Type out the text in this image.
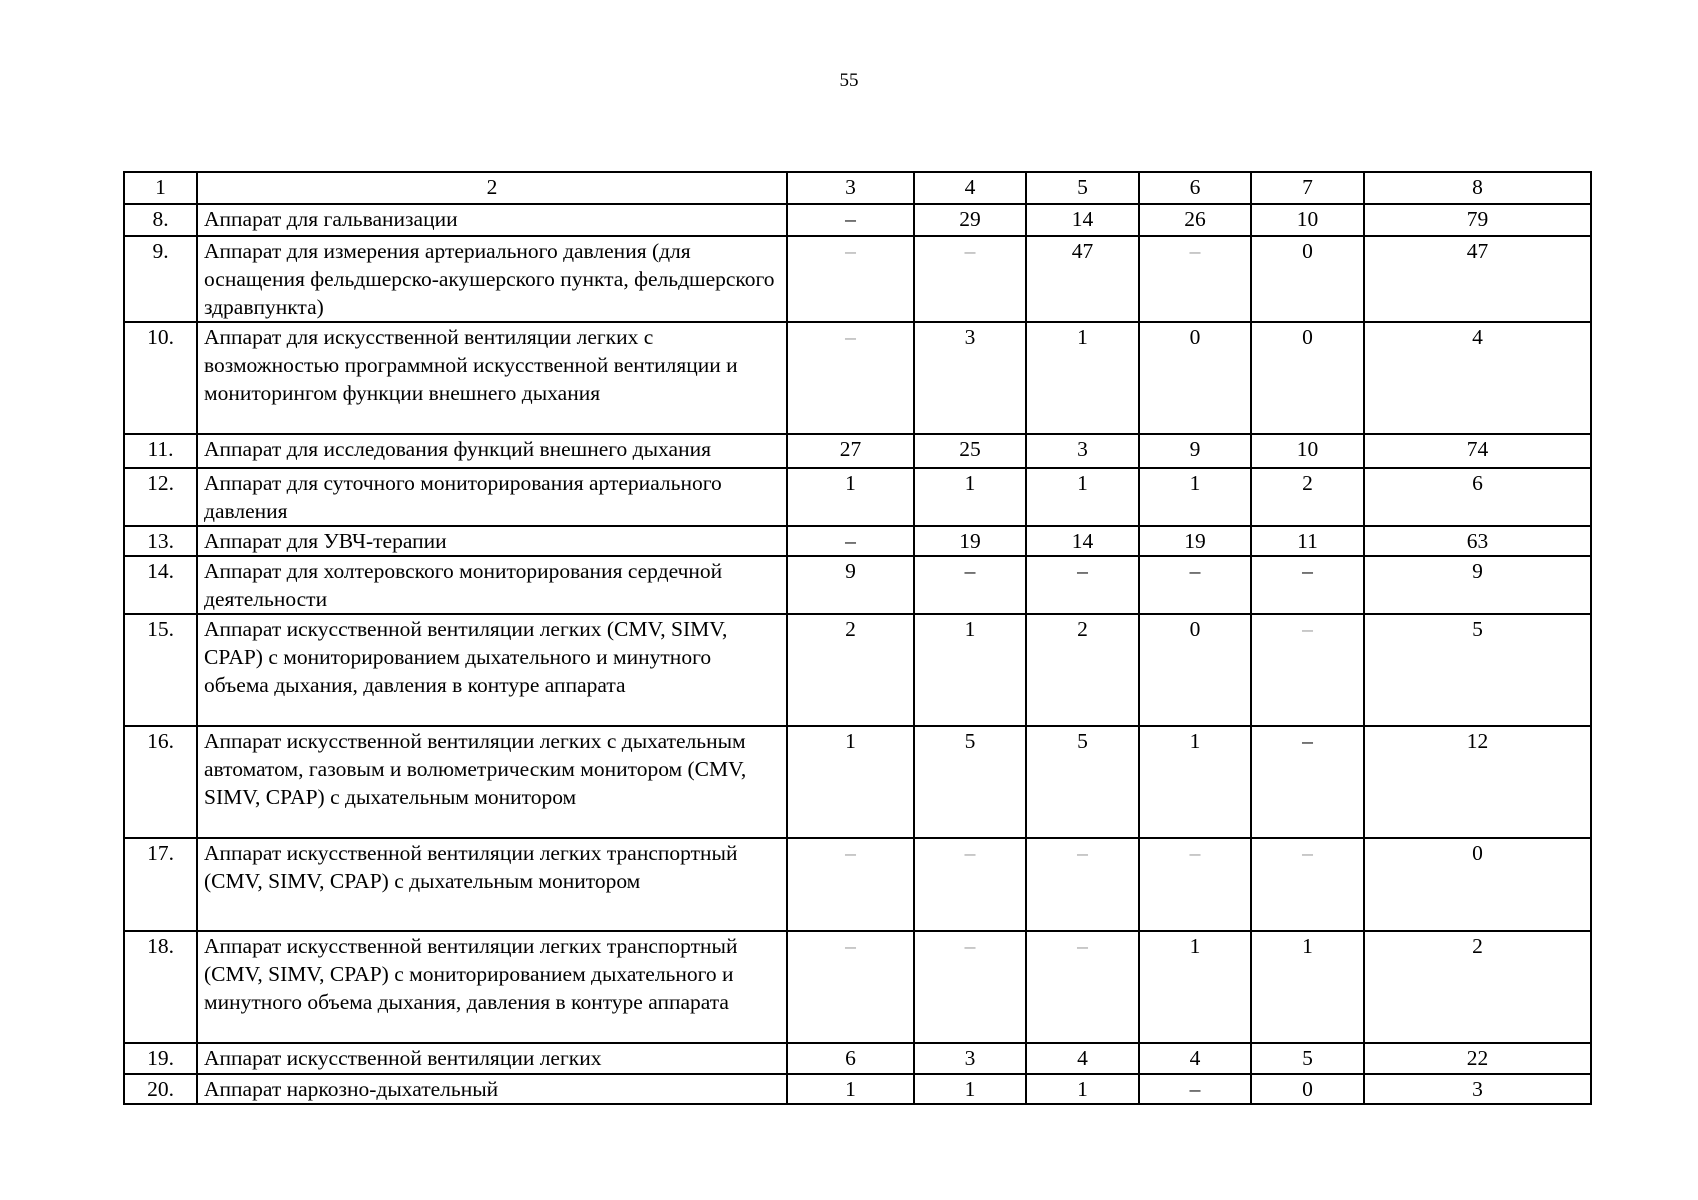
55
1	2	3	4	5	6	7	8
8.	Аппарат для гальванизации	–	29	14	26	10	79
9.	Аппарат для измерения артериального давления (для оснащения фельдшерско-акушерского пункта, фельдшерского здравпункта)	–	–	47	–	0	47
10.	Аппарат для искусственной вентиляции легких с возможностью программной искусственной вентиляции и мониторингом функции внешнего дыхания	–	3	1	0	0	4
11.	Аппарат для исследования функций внешнего дыхания	27	25	3	9	10	74
12.	Аппарат для суточного мониторирования артериального давления	1	1	1	1	2	6
13.	Аппарат для УВЧ-терапии	–	19	14	19	11	63
14.	Аппарат для холтеровского мониторирования сердечной деятельности	9	–	–	–	–	9
15.	Аппарат искусственной вентиляции легких (CMV, SIMV, CPAP) с мониторированием дыхательного и минутного объема дыхания, давления в контуре аппарата	2	1	2	0	–	5
16.	Аппарат искусственной вентиляции легких с дыхательным автоматом, газовым и волюметрическим монитором (CMV, SIMV, CPAP) с дыхательным монитором	1	5	5	1	–	12
17.	Аппарат искусственной вентиляции легких транспортный (CMV, SIMV, CPAP) с дыхательным монитором	–	–	–	–	–	0
18.	Аппарат искусственной вентиляции легких транспортный (CMV, SIMV, CPAP) с мониторированием дыхательного и минутного объема дыхания, давления в контуре аппарата	–	–	–	1	1	2
19.	Аппарат искусственной вентиляции легких	6	3	4	4	5	22
20.	Аппарат наркозно-дыхательный	1	1	1	–	0	3
